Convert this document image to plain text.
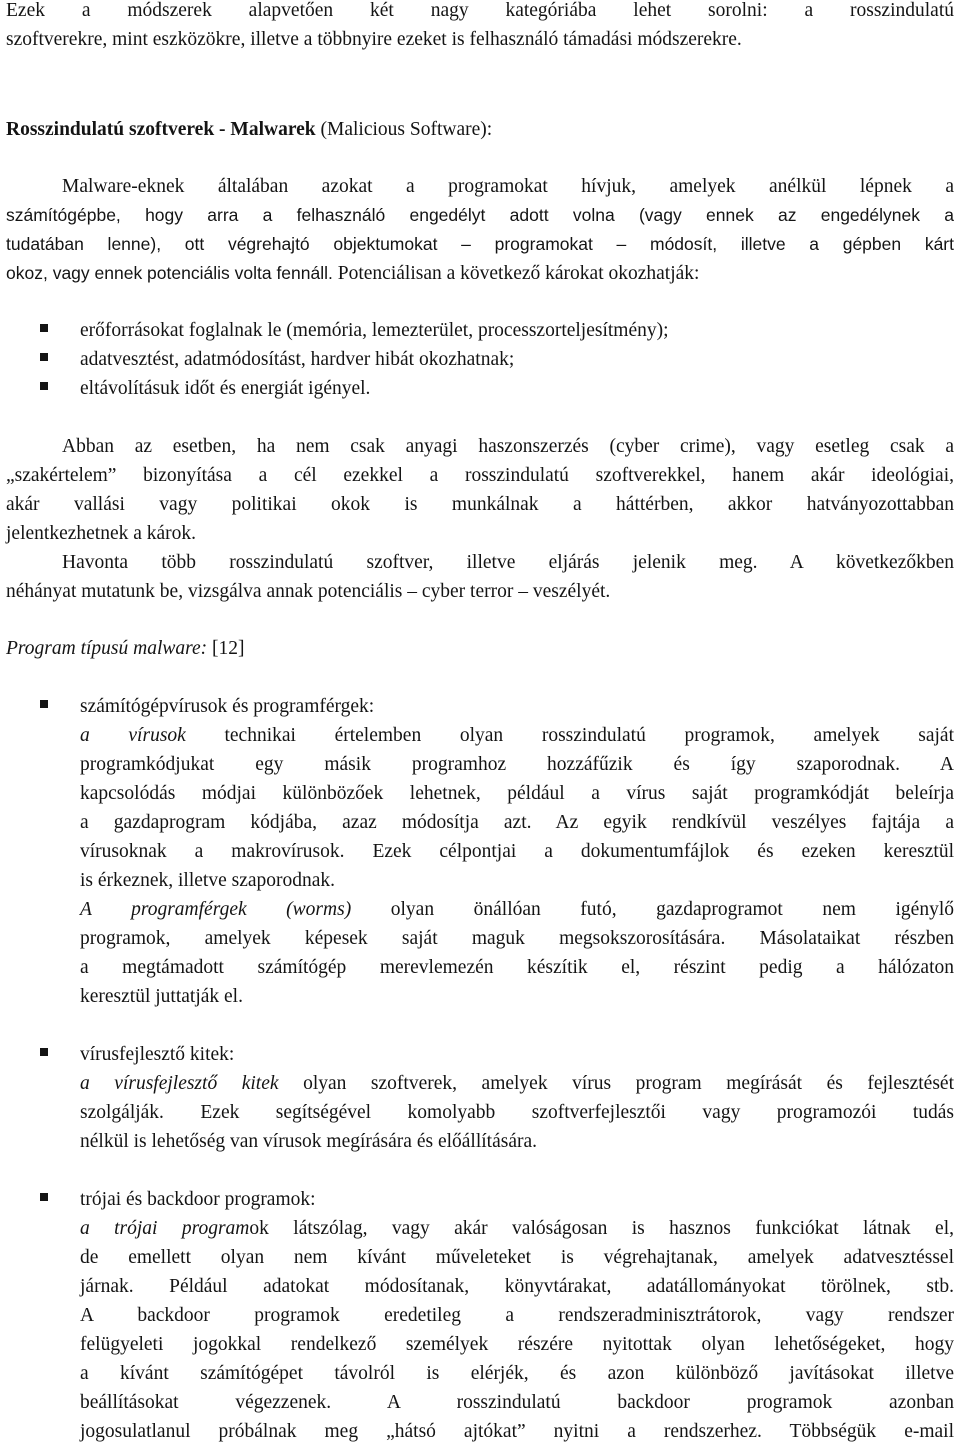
Ezek a módszerek alapvetően két nagy kategóriába lehet sorolni: a rosszindulatú

szoftverekre, mint eszközökre, illetve a többnyire ezeket is felhasználó támadási módszerekre.

Rosszindulatú szoftverek - Malwarek (Malicious Software):

Malware-eknek általában azokat a programokat hívjuk, amelyek anélkül lépnek a

számítógépbe, hogy arra a felhasználó engedélyt adott volna (vagy ennek az engedélynek a

tudatában lenne), ott végrehajtó objektumokat – programokat – módosít, illetve a gépben kárt

okoz, vagy ennek potenciális volta fennáll. Potenciálisan a következő károkat okozhatják:

erőforrásokat foglalnak le (memória, lemezterület, processzorteljesítmény);

adatvesztést, adatmódosítást, hardver hibát okozhatnak;

eltávolításuk időt és energiát igényel.

Abban az esetben, ha nem csak anyagi haszonszerzés (cyber crime), vagy esetleg csak a

„szakértelem” bizonyítása a cél ezekkel a rosszindulatú szoftverekkel, hanem akár ideológiai,

akár vallási vagy politikai okok is munkálnak a háttérben, akkor hatványozottabban

jelentkezhetnek a károk.

Havonta több rosszindulatú szoftver, illetve eljárás jelenik meg. A következőkben

néhányat mutatunk be, vizsgálva annak potenciális – cyber terror – veszélyét.

Program típusú malware: [12]

számítógépvírusok és programférgek:

a vírusok technikai értelemben olyan rosszindulatú programok, amelyek saját

programkódjukat egy másik programhoz hozzáfűzik és így szaporodnak. A

kapcsolódás módjai különbözőek lehetnek, például a vírus saját programkódját beleírja

a gazdaprogram kódjába, azaz módosítja azt. Az egyik rendkívül veszélyes fajtája a

vírusoknak a makrovírusok. Ezek célpontjai a dokumentumfájlok és ezeken keresztül

is érkeznek, illetve szaporodnak.

A programférgek (worms) olyan önállóan futó, gazdaprogramot nem igénylő

programok, amelyek képesek saját maguk megsokszorosítására. Másolataikat részben

a megtámadott számítógép merevlemezén készítik el, részint pedig a hálózaton

keresztül juttatják el.

vírusfejlesztő kitek:

a vírusfejlesztő kitek olyan szoftverek, amelyek vírus program megírását és fejlesztését

szolgálják. Ezek segítségével komolyabb szoftverfejlesztői vagy programozói tudás

nélkül is lehetőség van vírusok megírására és előállítására.

trójai és backdoor programok:

a trójai programok látszólag, vagy akár valóságosan is hasznos funkciókat látnak el,

de emellett olyan nem kívánt műveleteket is végrehajtanak, amelyek adatvesztéssel

járnak. Például adatokat módosítanak, könyvtárakat, adatállományokat törölnek, stb.

A backdoor programok eredetileg a rendszeradminisztrátorok, vagy rendszer

felügyeleti jogokkal rendelkező személyek részére nyitottak olyan lehetőségeket, hogy

a kívánt számítógépet távolról is elérjék, és azon különböző javításokat illetve

beállításokat végezzenek. A rosszindulatú backdoor programok azonban

jogosulatlanul próbálnak meg „hátsó ajtókat” nyitni a rendszerhez. Többségük e-mail
